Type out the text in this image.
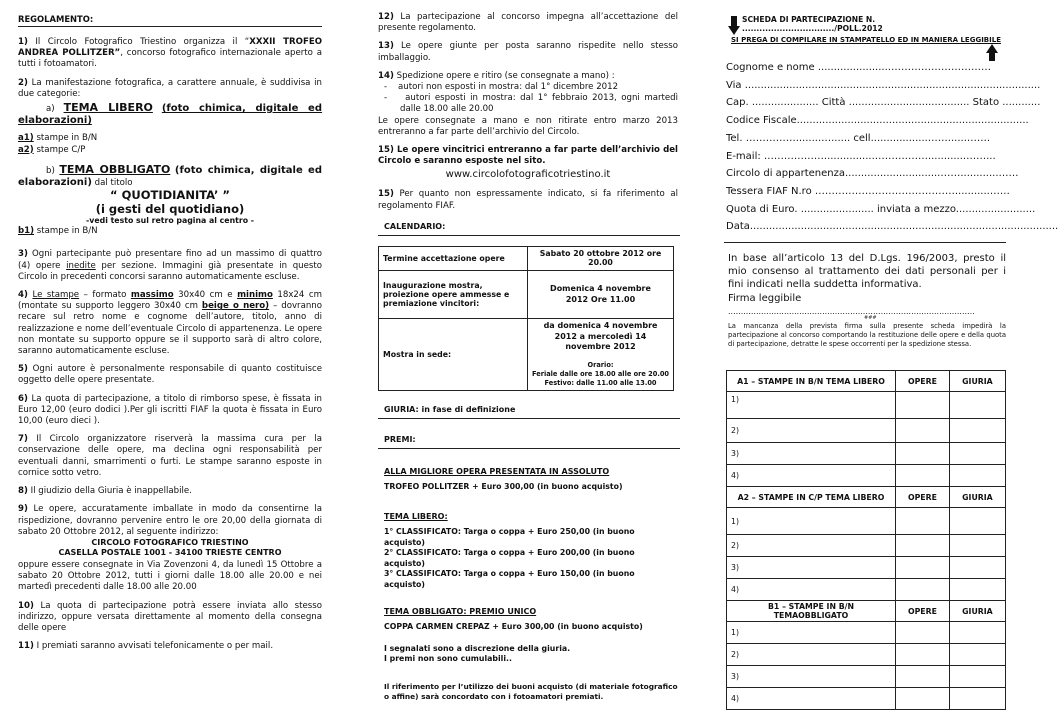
REGOLAMENTO:

1) Il Circolo Fotografico Triestino organizza il “XXXII TROFEO ANDREA POLLITZER”, concorso fotografico internazionale aperto a tutti i fotoamatori.

2) La manifestazione fotografica, a carattere annuale, è suddivisa in due categorie:

a) TEMA LIBERO (foto chimica, digitale ed elaborazioni)

a1) stampe in B/N

a2) stampe C/P

b) TEMA OBBLIGATO (foto chimica, digitale ed elaborazioni) dal titolo

“ QUOTIDIANITA’ ”
(i gesti del quotidiano)
-vedi testo sul retro pagina al centro -

b1) stampe in B/N

3) Ogni partecipante può presentare fino ad un massimo di quattro (4) opere inedite per sezione. Immagini già presentate in questo Circolo in precedenti concorsi saranno automaticamente escluse.

4) Le stampe – formato massimo 30x40 cm e minimo 18x24 cm (montate su supporto leggero 30x40 cm beige o nero) – dovranno recare sul retro nome e cognome dell’autore, titolo, anno di realizzazione e nome dell’eventuale Circolo di appartenenza. Le opere non montate su supporto oppure se il supporto sarà di altro colore, saranno automaticamente escluse.

5) Ogni autore è personalmente responsabile di quanto costituisce oggetto delle opere presentate.

6) La quota di partecipazione, a titolo di rimborso spese, è fissata in Euro 12,00 (euro dodici ).Per gli iscritti FIAF la quota è fissata in Euro 10,00 (euro dieci ).

7) Il Circolo organizzatore riserverà la massima cura per la conservazione delle opere, ma declina ogni responsabilità per eventuali danni, smarrimenti o furti. Le stampe saranno esposte in cornice sotto vetro.

8) Il giudizio della Giuria è inappellabile.

9) Le opere, accuratamente imballate in modo da consentirne la rispedizione, dovranno pervenire entro le ore 20,00 della giornata di sabato 20 Ottobre 2012, al seguente indirizzo:

CIRCOLO FOTOGRAFICO TRIESTINO
CASELLA POSTALE 1001 - 34100 TRIESTE CENTRO

oppure essere consegnate in Via Zovenzoni 4, da lunedì 15 Ottobre a sabato 20 Ottobre 2012, tutti i giorni dalle 18.00 alle 20.00 e nei martedì precedenti dalle 18.00 alle 20.00

10) La quota di partecipazione potrà essere inviata allo stesso indirizzo, oppure versata direttamente al momento della consegna delle opere

11) I premiati saranno avvisati telefonicamente o per mail.

12) La partecipazione al concorso impegna all’accettazione del presente regolamento.

13) Le opere giunte per posta saranno rispedite nello stesso imballaggio.

14) Spedizione opere e ritiro (se consegnate a mano) :

-    autori non esposti in mostra: dal 1° dicembre 2012

-    autori esposti in mostra: dal 1° febbraio 2013, ogni martedì dalle 18.00 alle 20.00

Le opere consegnate a mano e non ritirate entro marzo 2013 entreranno a far parte dell’archivio del Circolo.

15) Le opere vincitrici entreranno a far parte dell’archivio del Circolo e saranno esposte nel sito.

www.circolofotograficotriestino.it

15) Per quanto non espressamente indicato, si fa riferimento al regolamento FIAF.

CALENDARIO:
Termine accettazione opere	Sabato 20 ottobre 2012 ore 20.00
Inaugurazione mostra, proiezione opere ammesse e premiazione vincitori:	Domenica 4 novembre 2012 Ore 11.00
Mostra in sede:	da domenica 4 novembre 2012 a mercoledì 14 novembre 2012
Orario:
Feriale dalle ore 18.00 alle ore 20.00
Festivo: dalle 11.00 alle 13.00
GIURIA: in fase di definizione
PREMI:

ALLA MIGLIORE OPERA PRESENTATA IN ASSOLUTO

TROFEO POLLITZER + Euro 300,00 (in buono acquisto)

TEMA LIBERO:

1° CLASSIFICATO: Targa o coppa + Euro 250,00 (in buono acquisto)

2° CLASSIFICATO: Targa o coppa + Euro 200,00 (in buono acquisto)

3° CLASSIFICATO: Targa o coppa + Euro 150,00 (in buono acquisto)

TEMA OBBLIGATO: PREMIO UNICO

COPPA CARMEN CREPAZ + Euro 300,00 (in buono acquisto)

I segnalati sono a discrezione della giuria.

I premi non sono cumulabili..

Il riferimento per l’utilizzo dei buoni acquisto (di materiale fotografico

o affine) sarà concordato con i fotoamatori premiati.

SCHEDA DI PARTECIPAZIONE N. ................................/POLL.2012
SI PREGA DI COMPILARE IN STAMPATELLO ED IN MANIERA LEGGIBILE
Cognome e nome .......................…………………………
Via .............................................................................................
Cap. ..................... Città ...................................... Stato ............
Codice Fiscale.........................................................................
Tel. ……………........…...... cell..................……......…….
E-mail: ………………................……….……............……...
Circolo di appartenenza..............................……............……
Tessera FIAF N.ro ……………………………………...........……
Quota di Euro. ....................... inviata a mezzo.........................
Data.................................................................................................
In base all’articolo 13 del D.Lgs. 196/2003, presto il mio consenso al trattamento dei dati personali per i fini indicati nella suddetta informativa.
Firma leggibile
.................................................................................................
###
La mancanza della prevista firma sulla presente scheda impedirà la partecipazione al concorso comportando la restituzione delle opere e della quota di partecipazione, detratte le spese occorrenti per la spedizione stessa.
A1 – STAMPE IN B/N TEMA LIBERO	OPERE	GIURIA
1)		
2)		
3)		
4)		
A2 – STAMPE IN C/P TEMA LIBERO	OPERE	GIURIA
1)		
2)		
3)		
4)		
B1 – STAMPE IN B/N TEMAOBBLIGATO	OPERE	GIURIA
1)		
2)		
3)		
4)		
